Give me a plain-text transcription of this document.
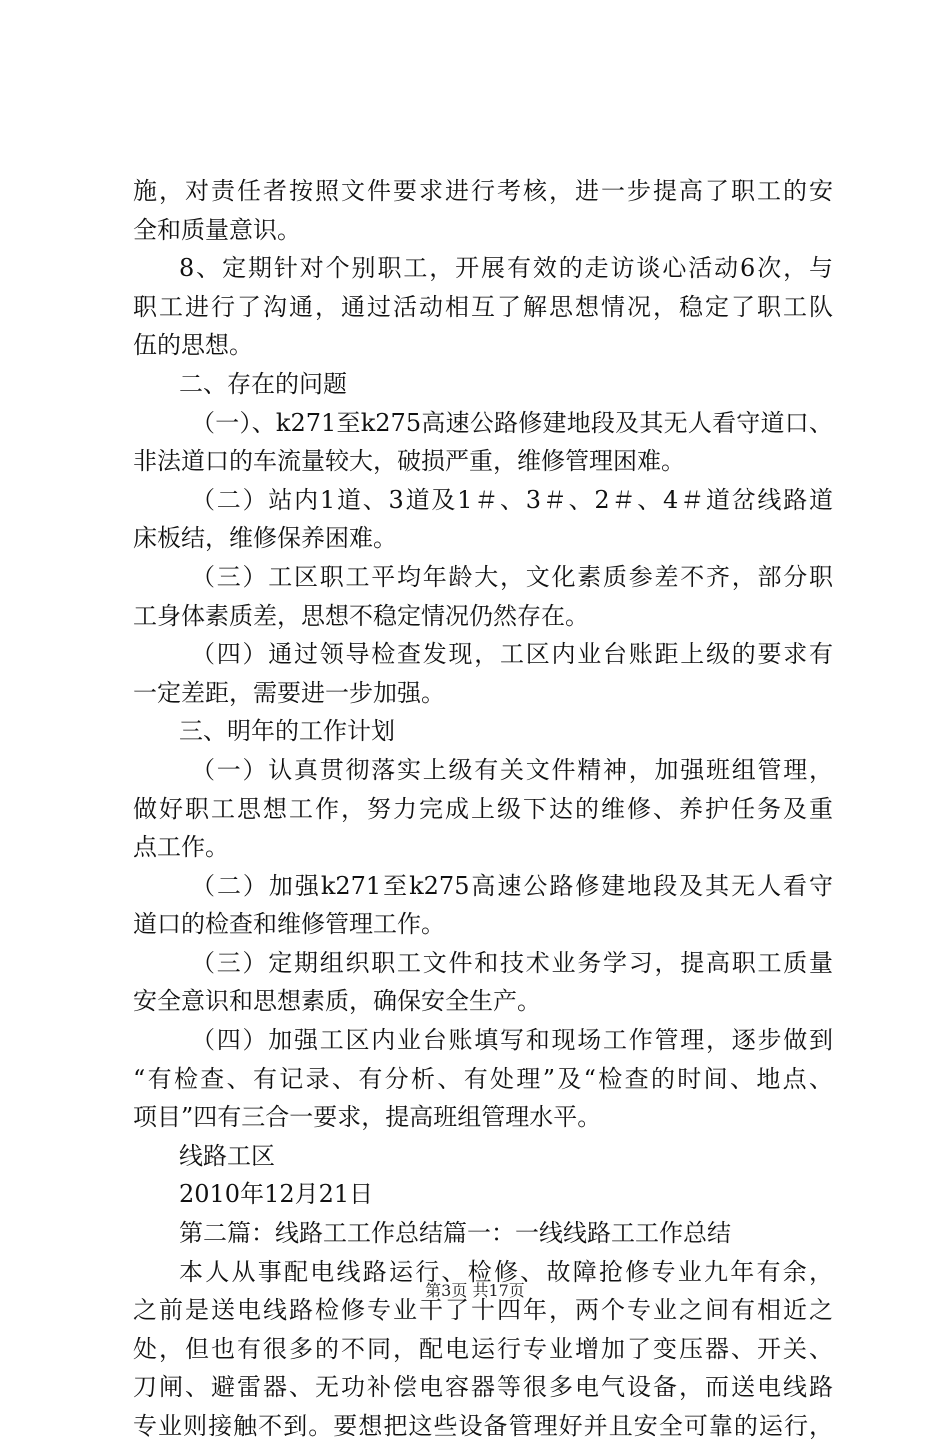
施，对责任者按照文件要求进行考核，进一步提高了职工的安
全和质量意识。
8、定期针对个别职工，开展有效的走访谈心活动6次，与
职工进行了沟通，通过活动相互了解思想情况，稳定了职工队
伍的思想。
二、存在的问题
（一）、k271至k275高速公路修建地段及其无人看守道口、
非法道口的车流量较大，破损严重，维修管理困难。
（二）站内1道、3道及1＃、3＃、2＃、4＃道岔线路道
床板结，维修保养困难。
（三）工区职工平均年龄大，文化素质参差不齐，部分职
工身体素质差，思想不稳定情况仍然存在。
（四）通过领导检查发现，工区内业台账距上级的要求有
一定差距，需要进一步加强。
三、明年的工作计划
（一）认真贯彻落实上级有关文件精神，加强班组管理，
做好职工思想工作，努力完成上级下达的维修、养护任务及重
点工作。
（二）加强k271至k275高速公路修建地段及其无人看守
道口的检查和维修管理工作。
（三）定期组织职工文件和技术业务学习，提高职工质量
安全意识和思想素质，确保安全生产。
（四）加强工区内业台账填写和现场工作管理，逐步做到
“有检查、有记录、有分析、有处理”及“检查的时间、地点、
项目”四有三合一要求，提高班组管理水平。
线路工区
2010年12月21日
第二篇：线路工工作总结篇一：一线线路工工作总结
本人从事配电线路运行、检修、故障抢修专业九年有余，
之前是送电线路检修专业干了十四年，两个专业之间有相近之
处，但也有很多的不同，配电运行专业增加了变压器、开关、
刀闸、避雷器、无功补偿电容器等很多电气设备，而送电线路
专业则接触不到。要想把这些设备管理好并且安全可靠的运行，
第3页 共17页
